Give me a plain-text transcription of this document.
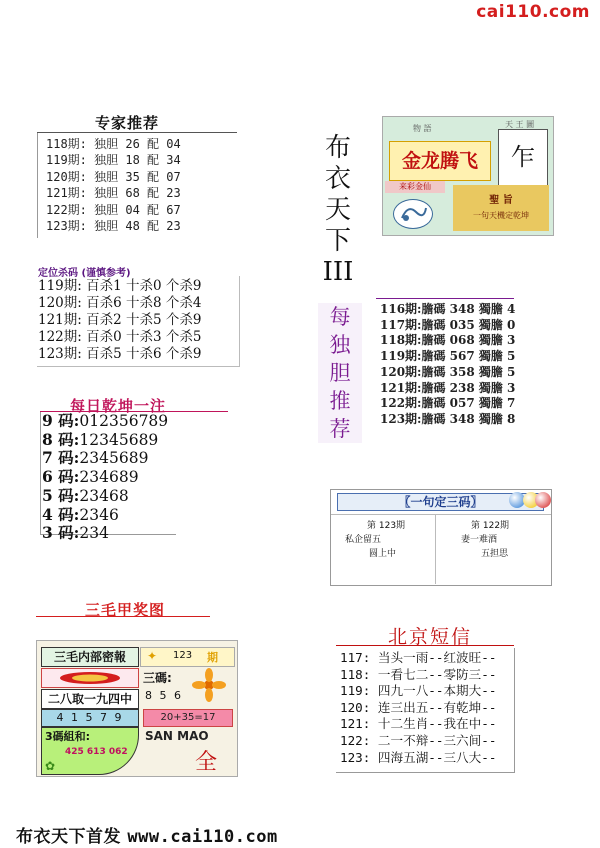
cai110.com
专家推荐
118期: 独胆 26 配 04
119期: 独胆 18 配 34
120期: 独胆 35 配 07
121期: 独胆 68 配 23
122期: 独胆 04 配 67
123期: 独胆 48 配 23
定位杀码 (谨慎参考)
119期: 百杀1 十杀0 个杀9
120期: 百杀6 十杀8 个杀4
121期: 百杀2 十杀5 个杀9
122期: 百杀0 十杀3 个杀5
123期: 百杀5 十杀6 个杀9
每日乾坤一注
9 码:012356789
8 码:12345689
7 码:2345689
6 码:234689
5 码:23468
4 码:2346
3 码:234
三毛甲奖图
三毛内部密報
二八取一九四中
4 1 5 7 9
3碼組和:
425 613 062
✿
✦ 123 期
三碼:
8 5 6
20+35=17
SAN MAO
全
布
衣
天
下
III
物 語	天 王 圖
金龙腾飞	乍
来彩金仙
聖 旨
一句天機定乾坤
每
独
胆
推
荐
116期:膽碼 348 獨膽 4
117期:膽碼 035 獨膽 0
118期:膽碼 068 獨膽 3
119期:膽碼 567 獨膽 5
120期:膽碼 358 獨膽 5
121期:膽碼 238 獨膽 3
122期:膽碼 057 獨膽 7
123期:膽碼 348 獨膽 8
〖一句定三码〗
第 123期	第 122期
私企留五	妻一难酒
圆上中	五担思
北京短信
117: 当头一雨--红波旺--
118: 一看七二--零防三--
119: 四九一八--本期大--
120: 连三出五--有乾坤--
121: 十二生肖--我在中--
122: 二一不辩--三六间--
123: 四海五湖--三八大--
布衣天下首发 www.cai110.com
